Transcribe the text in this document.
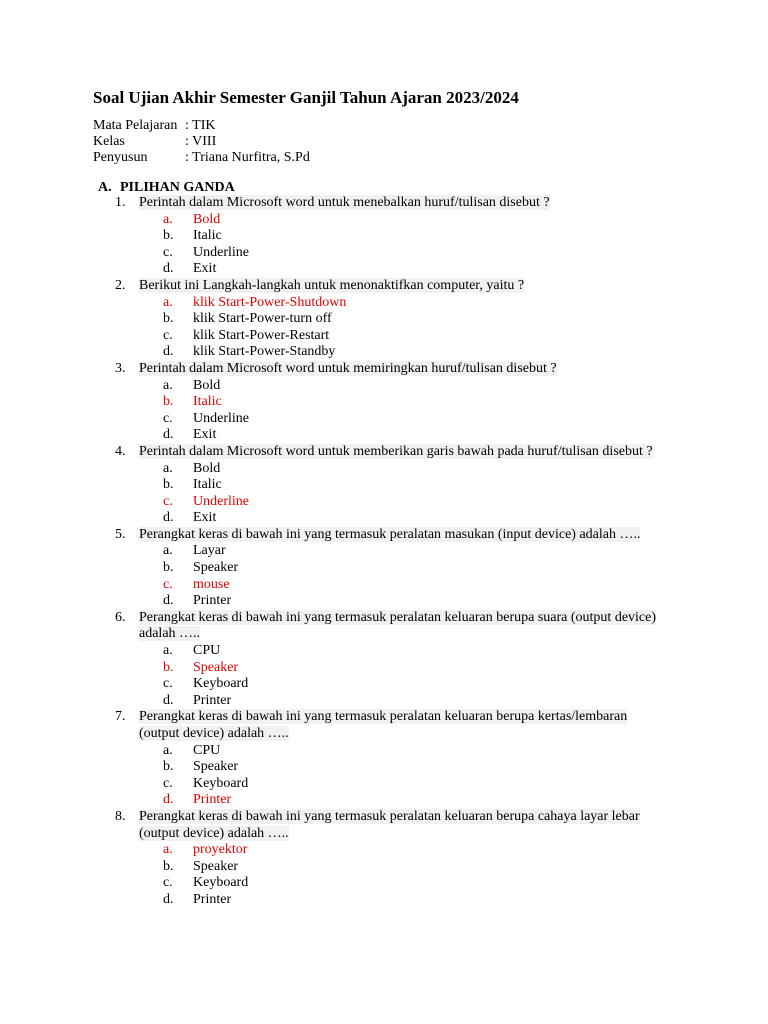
Soal Ujian Akhir Semester Ganjil Tahun Ajaran 2023/2024
Mata Pelajaran : TIK
Kelas	: VIII
Penyusun	: Triana Nurfitra, S.Pd
A. PILIHAN GANDA
1. Perintah dalam Microsoft word untuk menebalkan huruf/tulisan disebut ?
a. Bold
b. Italic
c. Underline
d. Exit
2. Berikut ini Langkah-langkah untuk menonaktifkan computer, yaitu ?
a. klik Start-Power-Shutdown
b. klik Start-Power-turn off
c. klik Start-Power-Restart
d. klik Start-Power-Standby
3. Perintah dalam Microsoft word untuk memiringkan huruf/tulisan disebut ?
a. Bold
b. Italic
c. Underline
d. Exit
4. Perintah dalam Microsoft word untuk memberikan garis bawah pada huruf/tulisan disebut ?
a. Bold
b. Italic
c. Underline
d. Exit
5. Perangkat keras di bawah ini yang termasuk peralatan masukan (input device) adalah …..
a. Layar
b. Speaker
c. mouse
d. Printer
6. Perangkat keras di bawah ini yang termasuk peralatan keluaran berupa suara (output device)
adalah …..
a. CPU
b. Speaker
c. Keyboard
d. Printer
7. Perangkat keras di bawah ini yang termasuk peralatan keluaran berupa kertas/lembaran
(output device) adalah …..
a. CPU
b. Speaker
c. Keyboard
d. Printer
8. Perangkat keras di bawah ini yang termasuk peralatan keluaran berupa cahaya layar lebar
(output device) adalah …..
a. proyektor
b. Speaker
c. Keyboard
d. Printer
